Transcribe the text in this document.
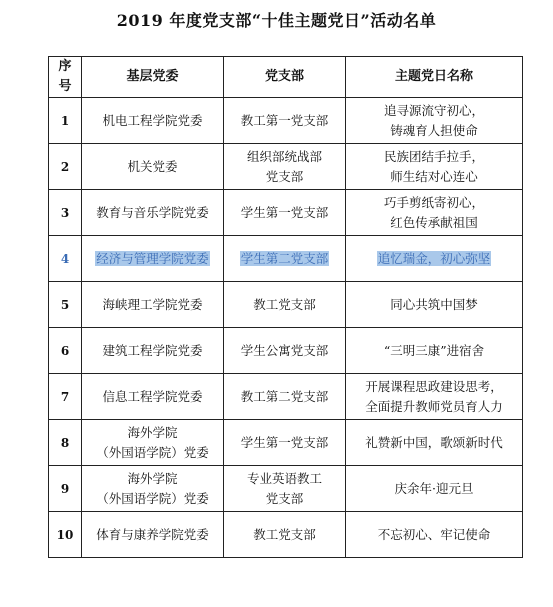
2019 年度党支部“十佳主题党日”活动名单
序
号	基层党委	党支部	主题党日名称
1	机电工程学院党委	教工第一党支部	追寻源流守初心，
铸魂育人担使命

2	机关党委	组织部统战部
党支部	民族团结手拉手，
师生结对心连心

3	教育与音乐学院党委	学生第一党支部	巧手剪纸寄初心，
红色传承献祖国

4	经济与管理学院党委	学生第二党支部	追忆瑞金，初心弥坚

5	海峡理工学院党委	教工党支部	同心共筑中国梦

6	建筑工程学院党委	学生公寓党支部	“三明三康”进宿舍

7	信息工程学院党委	教工第二党支部	开展课程思政建设思考，
全面提升教师党员育人力

8	海外学院
（外国语学院）党委	学生第一党支部	礼赞新中国，歌颂新时代

9	海外学院
（外国语学院）党委	专业英语教工
党支部	庆余年·迎元旦

10	体育与康养学院党委	教工党支部	不忘初心、牢记使命
